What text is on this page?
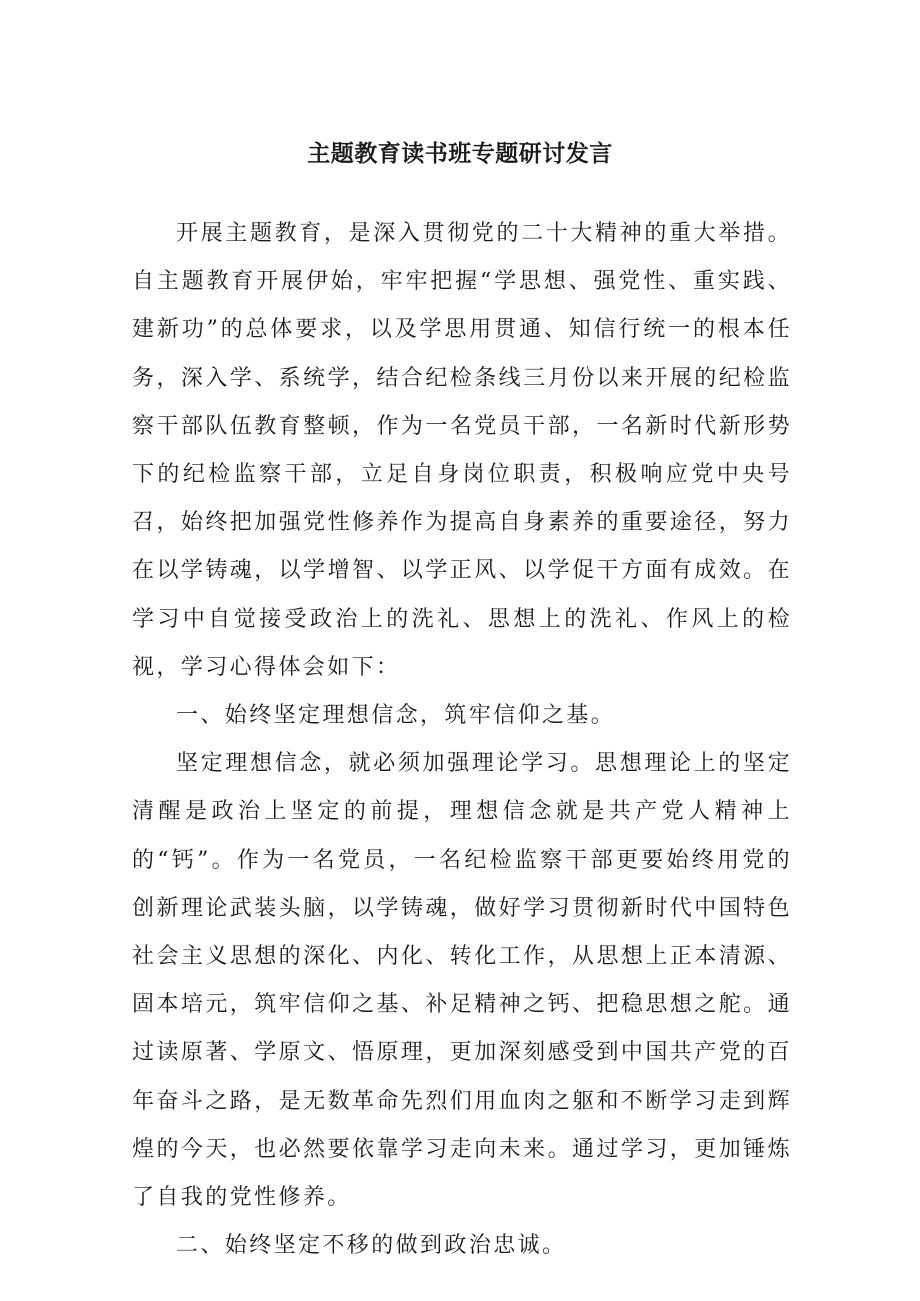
主题教育读书班专题研讨发言

开展主题教育，是深入贯彻党的二十大精神的重大举措。自主题教育开展伊始，牢牢把握“学思想、强党性、重实践、建新功”的总体要求，以及学思用贯通、知信行统一的根本任务，深入学、系统学，结合纪检条线三月份以来开展的纪检监察干部队伍教育整顿，作为一名党员干部，一名新时代新形势下的纪检监察干部，立足自身岗位职责，积极响应党中央号召，始终把加强党性修养作为提高自身素养的重要途径，努力在以学铸魂，以学增智、以学正风、以学促干方面有成效。在学习中自觉接受政治上的洗礼、思想上的洗礼、作风上的检视，学习心得体会如下：

一、始终坚定理想信念，筑牢信仰之基。

坚定理想信念，就必须加强理论学习。思想理论上的坚定清醒是政治上坚定的前提，理想信念就是共产党人精神上的“钙”。作为一名党员，一名纪检监察干部更要始终用党的创新理论武装头脑，以学铸魂，做好学习贯彻新时代中国特色社会主义思想的深化、内化、转化工作，从思想上正本清源、固本培元，筑牢信仰之基、补足精神之钙、把稳思想之舵。通过读原著、学原文、悟原理，更加深刻感受到中国共产党的百年奋斗之路，是无数革命先烈们用血肉之躯和不断学习走到辉煌的今天，也必然要依靠学习走向未来。通过学习，更加锤炼了自我的党性修养。

二、始终坚定不移的做到政治忠诚。
